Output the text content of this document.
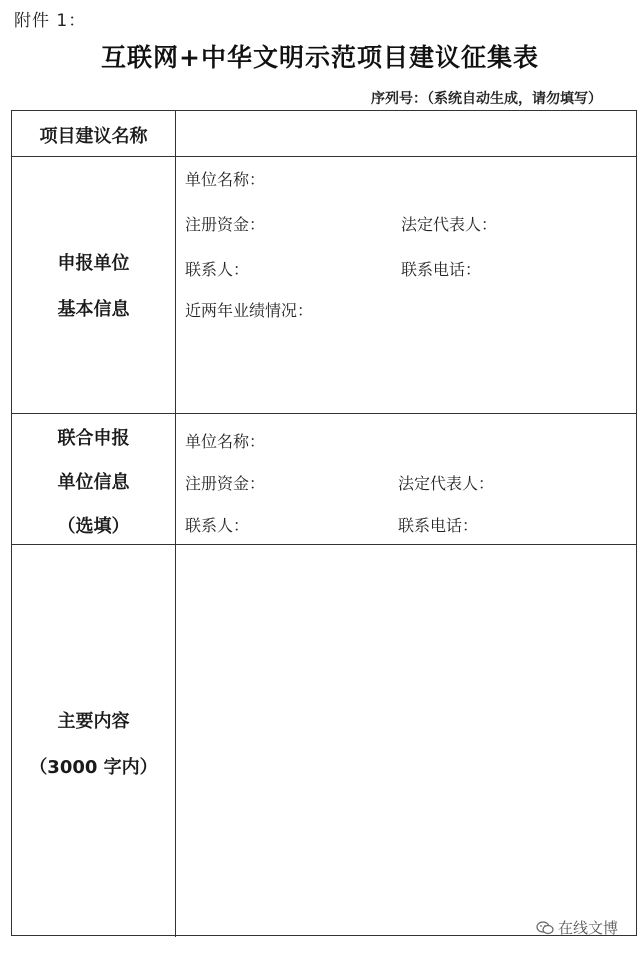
附件 1：
互联网+中华文明示范项目建议征集表
序列号：（系统自动生成，请勿填写）
项目建议名称
申报单位
基本信息
单位名称：
注册资金：	法定代表人：
联系人：	联系电话：
近两年业绩情况：
联合申报
单位信息
（选填）
单位名称：
注册资金：	法定代表人：
联系人：	联系电话：
主要内容
（3000 字内）
在线文博
